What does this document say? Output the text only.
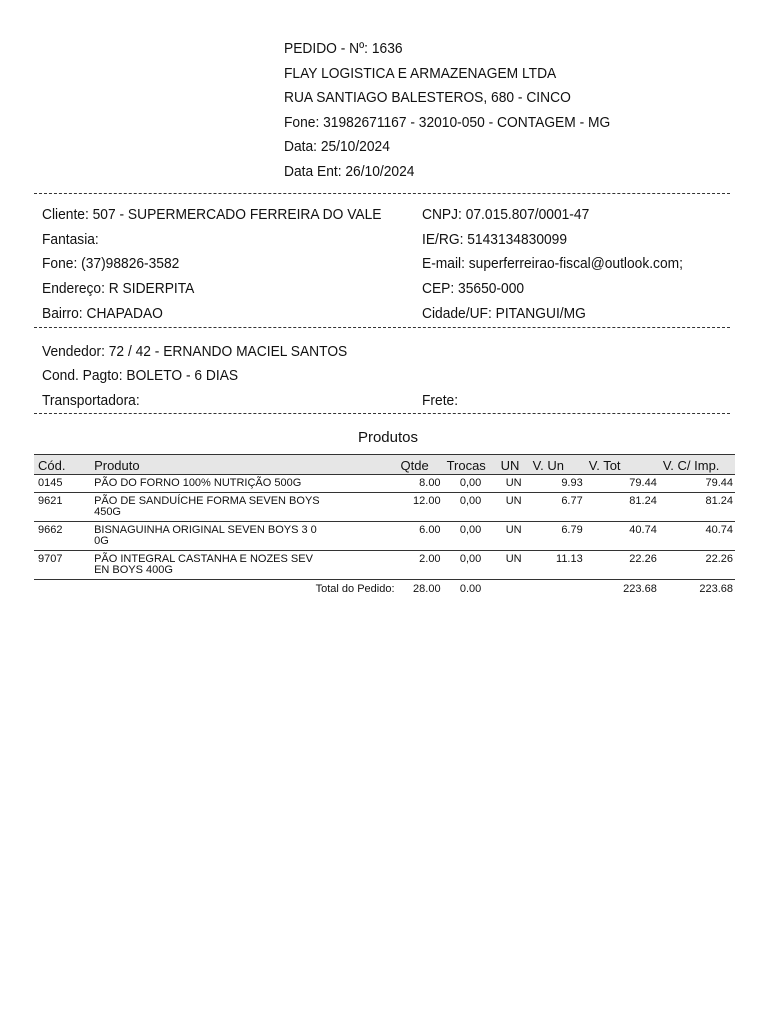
PEDIDO - Nº: 1636
FLAY LOGISTICA E ARMAZENAGEM LTDA
RUA SANTIAGO BALESTEROS, 680 - CINCO
Fone: 31982671167 - 32010-050 - CONTAGEM - MG
Data: 25/10/2024
Data Ent: 26/10/2024
Cliente: 507 - SUPERMERCADO FERREIRA DO VALE	CNPJ: 07.015.807/0001-47
Fantasia:	IE/RG: 5143134830099
Fone: (37)98826-3582	E-mail: superferreirao-fiscal@outlook.com;
Endereço: R SIDERPITA	CEP: 35650-000
Bairro: CHAPADAO	Cidade/UF: PITANGUI/MG
Vendedor: 72 / 42 - ERNANDO MACIEL SANTOS
Cond. Pagto: BOLETO - 6 DIAS
Transportadora:	Frete:
Produtos
Cód.	Produto	Qtde	Trocas	UN	V. Un	V. Tot	V. C/ Imp.
0145	PÃO DO FORNO 100% NUTRIÇÃO 500G	8.00	0,00	UN	9.93	79.44	79.44
9621	PÃO DE SANDUÍCHE FORMA SEVEN BOYS 450G	12.00	0,00	UN	6.77	81.24	81.24
9662	BISNAGUINHA ORIGINAL SEVEN BOYS 3 00G	6.00	0,00	UN	6.79	40.74	40.74
9707	PÃO INTEGRAL CASTANHA E NOZES SEV EN BOYS 400G	2.00	0,00	UN	11.13	22.26	22.26
Total do Pedido:		28.00	0.00			223.68	223.68
